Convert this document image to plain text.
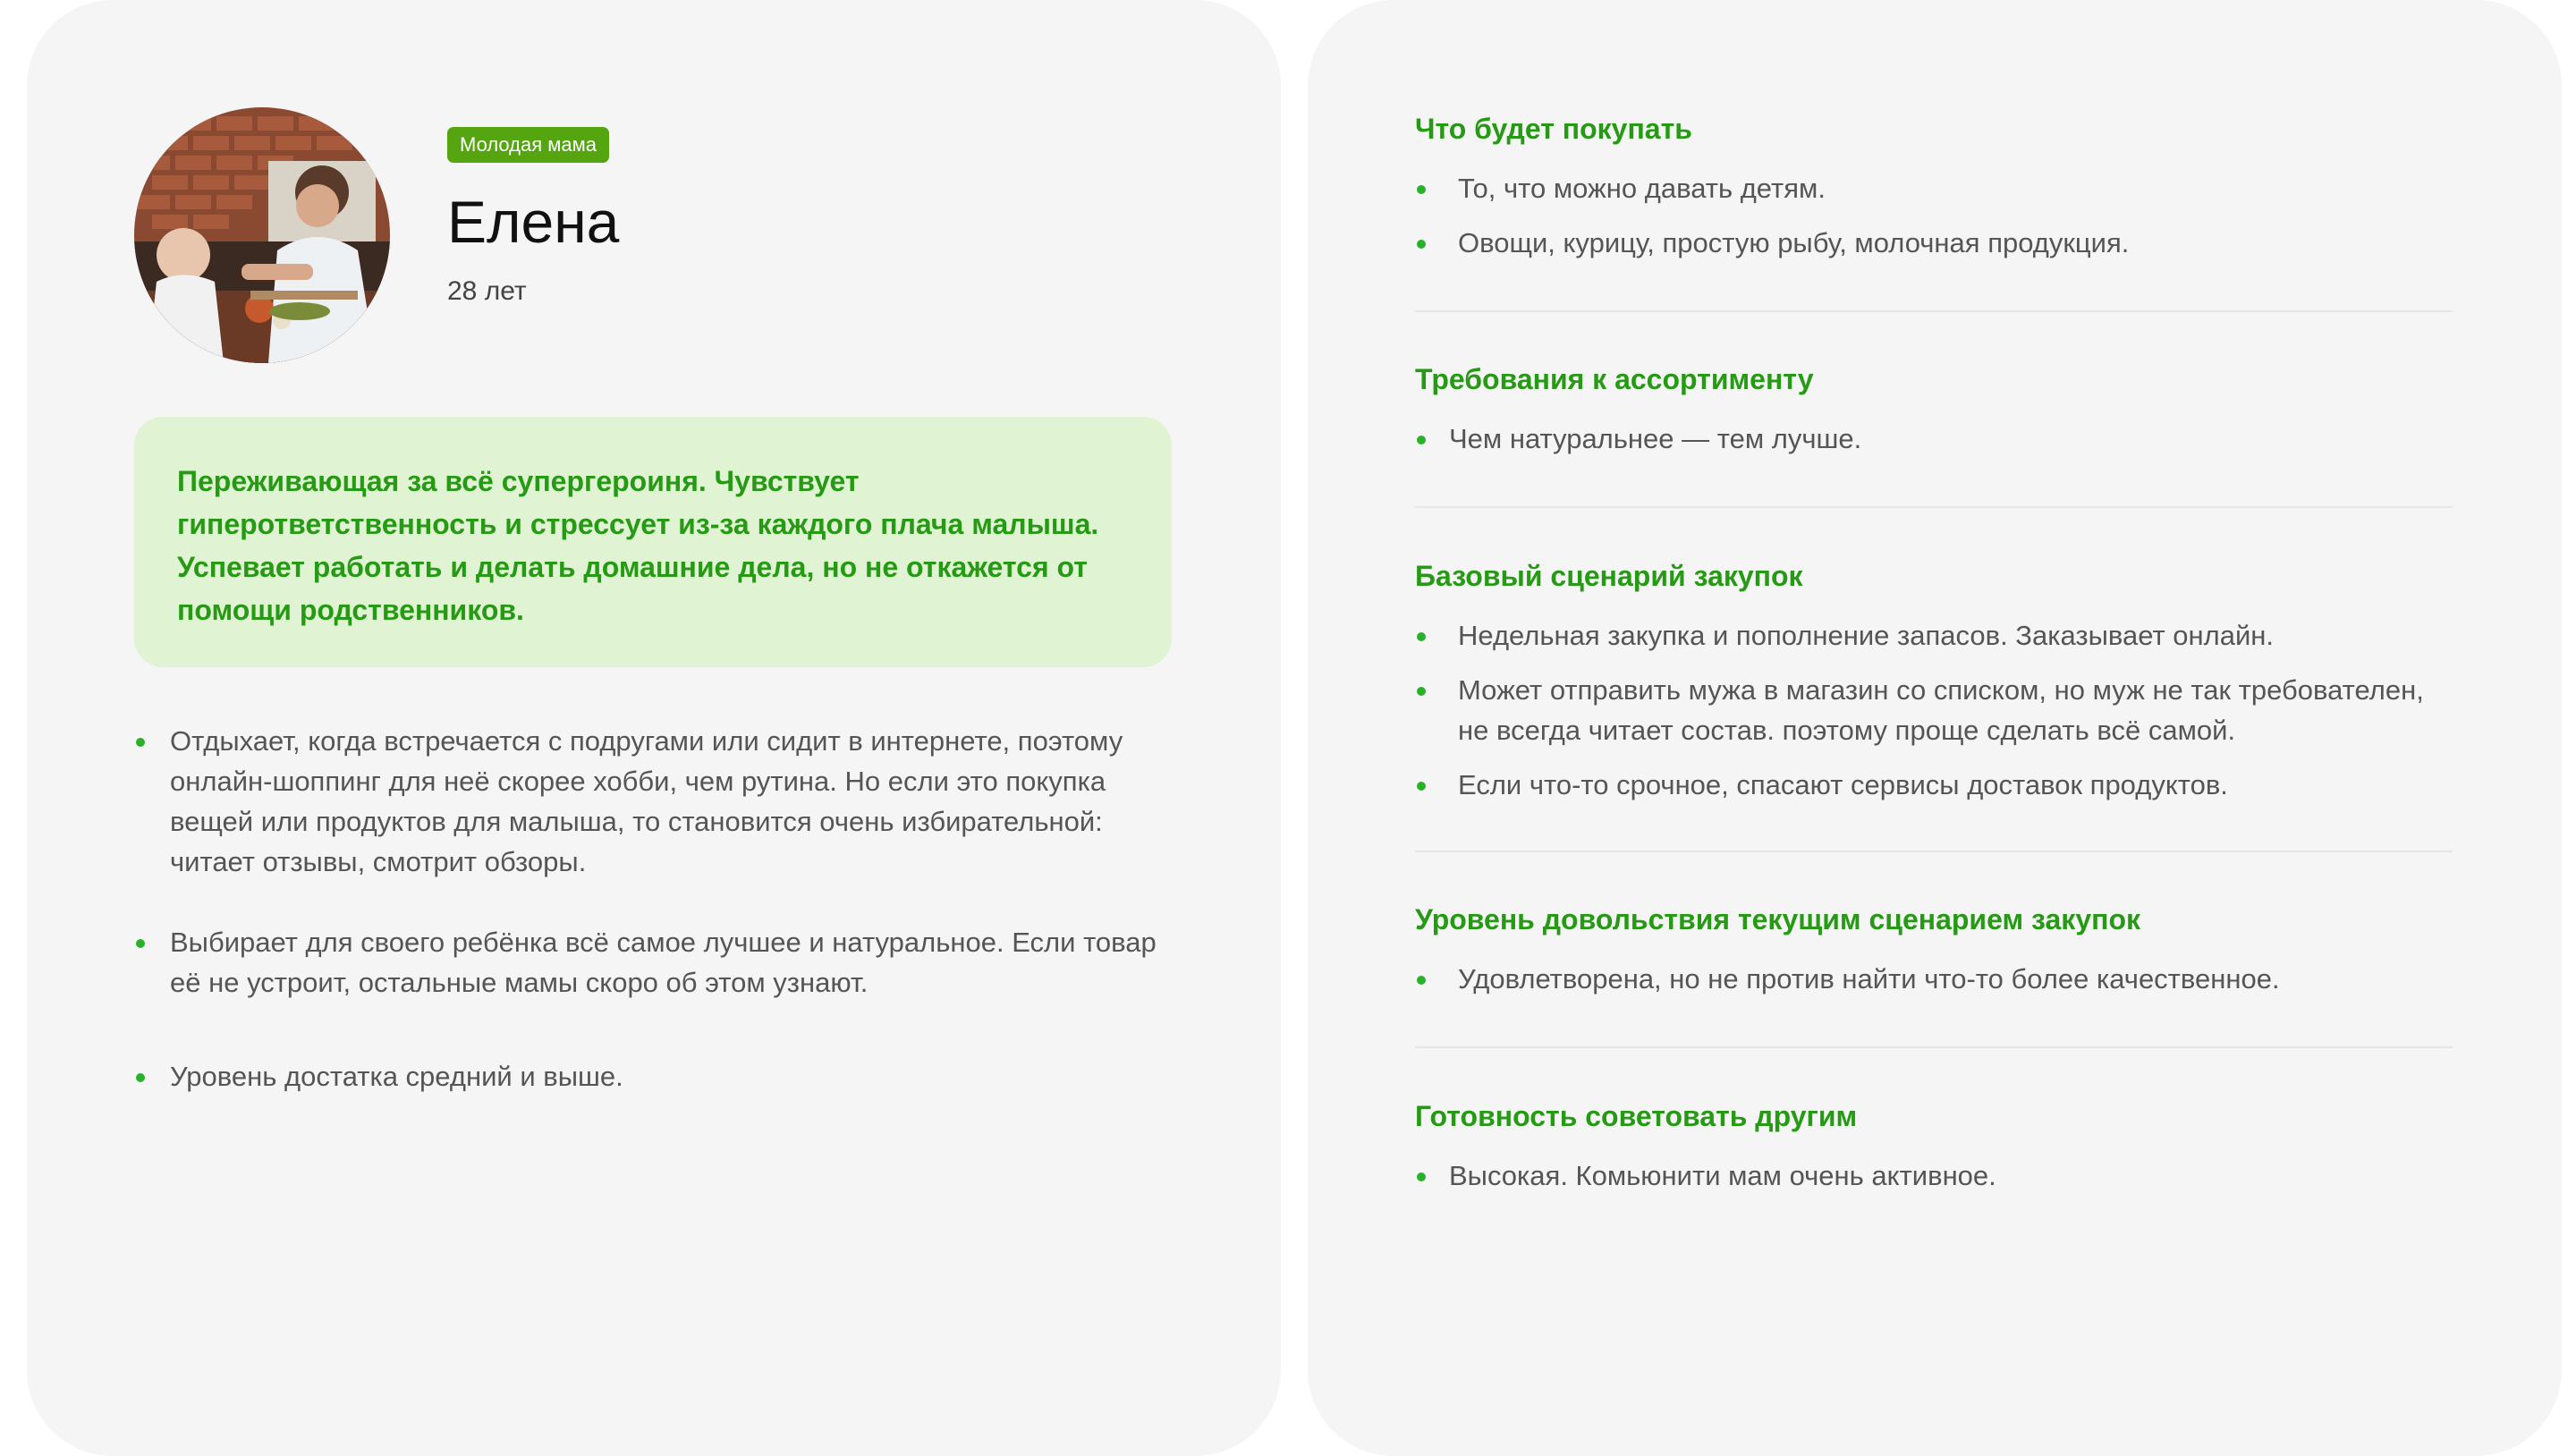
Молодая мама
Елена
28 лет

Переживающая за всё супергероиня. Чувствует гиперответственность и стрессует из-за каждого плача малыша. Успевает работать и делать домашние дела, но не откажется от помощи родственников.

Отдыхает, когда встречается с подругами или сидит в интернете, поэтому онлайн-шоппинг для неё скорее хобби, чем рутина. Но если это покупка вещей или продуктов для малыша, то становится очень избирательной: читает отзывы, смотрит обзоры.
Выбирает для своего ребёнка всё самое лучшее и натуральное. Если товар её не устроит, остальные мамы скоро об этом узнают.
Уровень достатка средний и выше.
Что будет покупать
То, что можно давать детям.
Овощи, курицу, простую рыбу, молочная продукция.
Требования к ассортименту
Чем натуральнее — тем лучше.
Базовый сценарий закупок
Недельная закупка и пополнение запасов. Заказывает онлайн.
Может отправить мужа в магазин со списком, но муж не так требователен, не всегда читает состав. поэтому проще сделать всё самой.
Если что-то срочное, спасают сервисы доставок продуктов.
Уровень довольствия текущим сценарием закупок
Удовлетворена, но не против найти что-то более качественное.
Готовность советовать другим
Высокая. Комьюнити мам очень активное.
